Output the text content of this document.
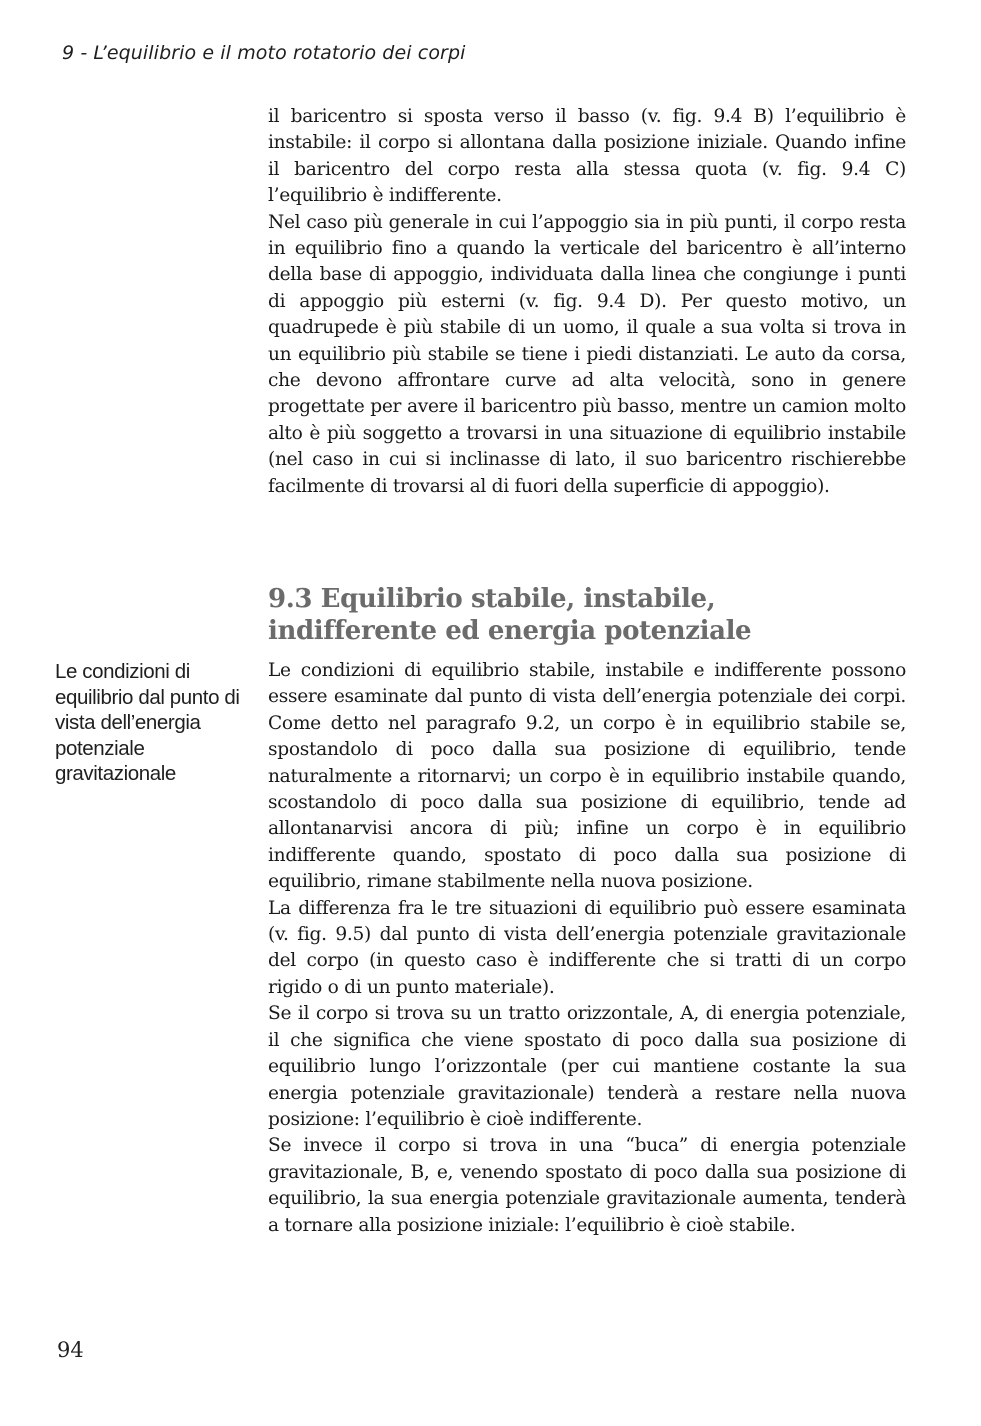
9 - L’equilibrio e il moto rotatorio dei corpi

il baricentro si sposta verso il basso (v. fig. 9.4 B) l’equilibrio è instabile: il corpo si allontana dalla posizione iniziale. Quando infine il baricentro del corpo resta alla stessa quota (v. fig. 9.4 C) l’equilibrio è indifferente.

Nel caso più generale in cui l’appoggio sia in più punti, il corpo resta in equilibrio fino a quando la verticale del baricentro è all’interno della base di appoggio, individuata dalla linea che congiunge i punti di appoggio più esterni (v. fig. 9.4 D). Per questo motivo, un quadrupede è più stabile di un uomo, il quale a sua volta si trova in un equilibrio più stabile se tiene i piedi distanziati. Le auto da corsa, che devono affrontare curve ad alta velocità, sono in genere progettate per avere il baricentro più basso, mentre un camion molto alto è più soggetto a trovarsi in una situazione di equilibrio instabile (nel caso in cui si inclinasse di lato, il suo baricentro rischierebbe facilmente di trovarsi al di fuori della superficie di appoggio).

9.3 Equilibrio stabile, instabile,
indifferente ed energia potenziale

Le condizioni di equilibrio dal punto di vista dell’energia potenziale gravitazionale

Le condizioni di equilibrio stabile, instabile e indifferente possono essere esaminate dal punto di vista dell’energia potenziale dei corpi. Come detto nel paragrafo 9.2, un corpo è in equilibrio stabile se, spostandolo di poco dalla sua posizione di equilibrio, tende naturalmente a ritornarvi; un corpo è in equilibrio instabile quando, scostandolo di poco dalla sua posizione di equilibrio, tende ad allontanarvisi ancora di più; infine un corpo è in equilibrio indifferente quando, spostato di poco dalla sua posizione di equilibrio, rimane stabilmente nella nuova posizione.

La differenza fra le tre situazioni di equilibrio può essere esaminata (v. fig. 9.5) dal punto di vista dell’energia potenziale gravitazionale del corpo (in questo caso è indifferente che si tratti di un corpo rigido o di un punto materiale).

Se il corpo si trova su un tratto orizzontale, A, di energia potenziale, il che significa che viene spostato di poco dalla sua posizione di equilibrio lungo l’orizzontale (per cui mantiene costante la sua energia potenziale gravitazionale) tenderà a restare nella nuova posizione: l’equilibrio è cioè indifferente.

Se invece il corpo si trova in una “buca” di energia potenziale gravitazionale, B, e, venendo spostato di poco dalla sua posizione di equilibrio, la sua energia potenziale gravitazionale aumenta, tenderà a tornare alla posizione iniziale: l’equilibrio è cioè stabile.

94
